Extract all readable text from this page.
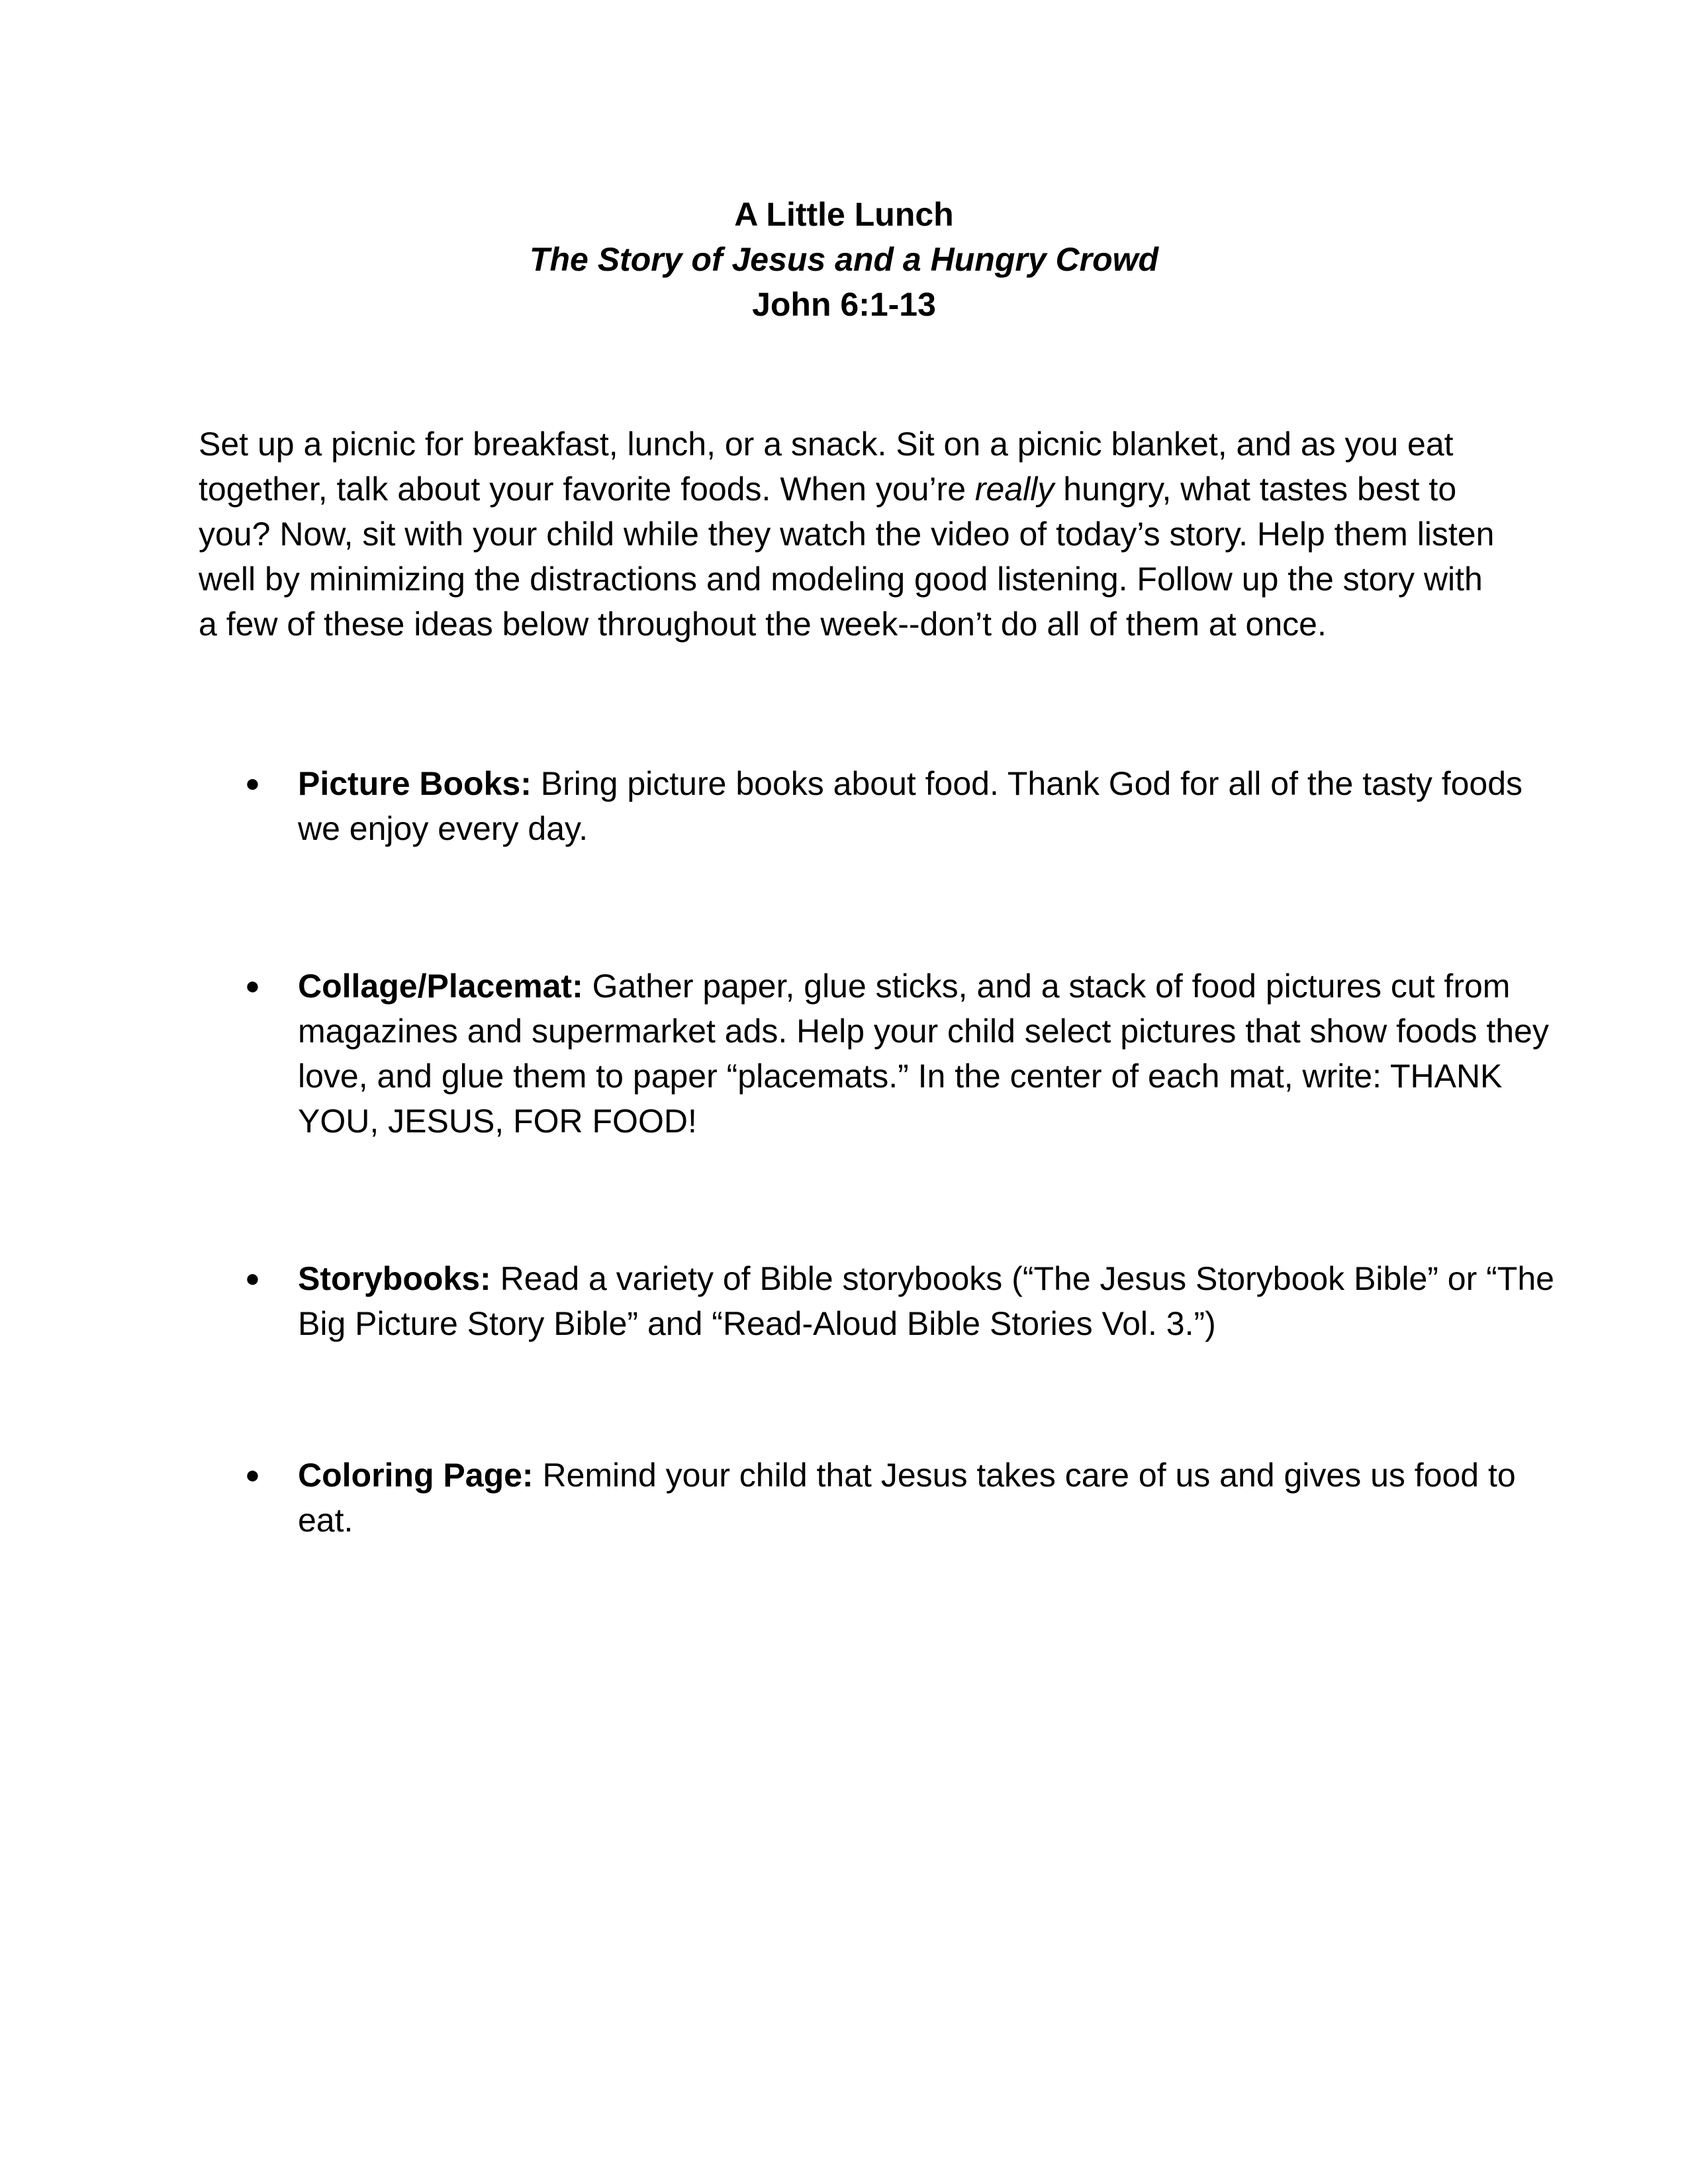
A Little Lunch
The Story of Jesus and a Hungry Crowd
John 6:1-13
Set up a picnic for breakfast, lunch, or a snack. Sit on a picnic blanket, and as you eat together, talk about your favorite foods. When you’re really hungry, what tastes best to you? Now, sit with your child while they watch the video of today’s story. Help them listen well by minimizing the distractions and modeling good listening. Follow up the story with a few of these ideas below throughout the week--don’t do all of them at once.
●	Picture Books: Bring picture books about food. Thank God for all of the tasty foods we enjoy every day.
●	Collage/Placemat: Gather paper, glue sticks, and a stack of food pictures cut from magazines and supermarket ads. Help your child select pictures that show foods they love, and glue them to paper “placemats.” In the center of each mat, write: THANK YOU, JESUS, FOR FOOD!
●	Storybooks: Read a variety of Bible storybooks (“The Jesus Storybook Bible” or “The Big Picture Story Bible” and “Read-Aloud Bible Stories Vol. 3.”)
●	Coloring Page: Remind your child that Jesus takes care of us and gives us food to eat.
